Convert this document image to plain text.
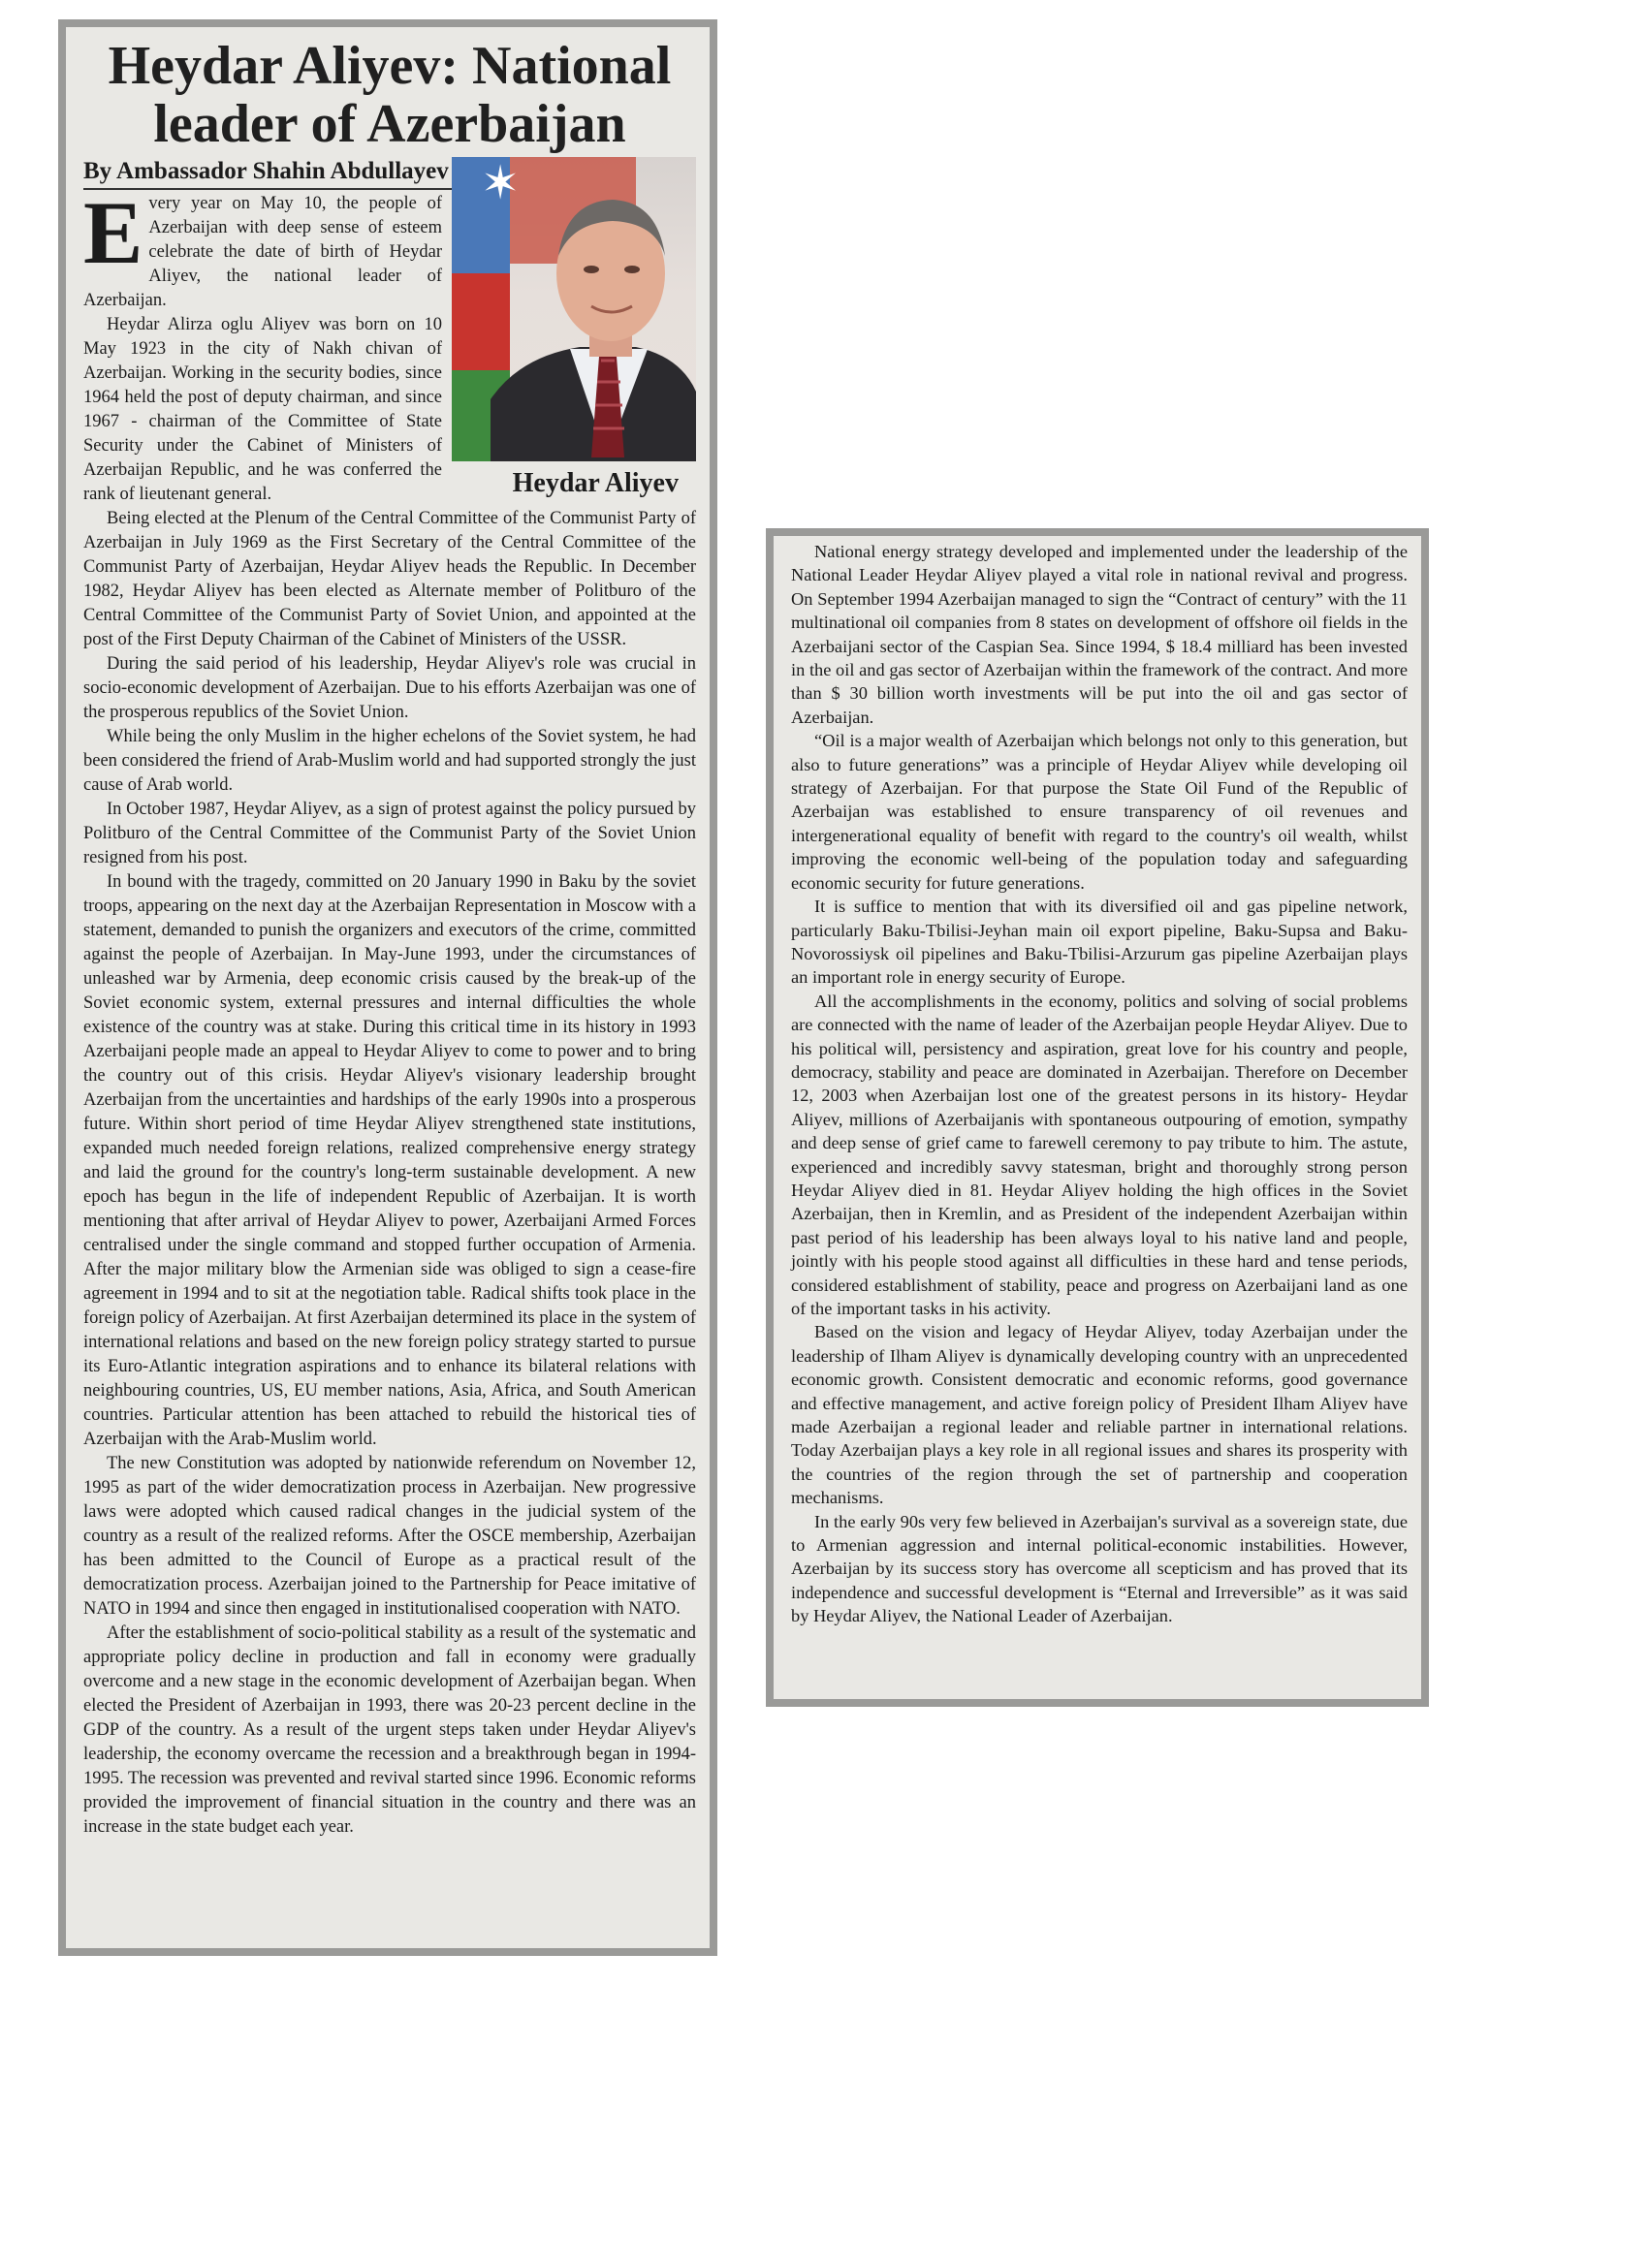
Heydar Aliyev: National leader of Azerbaijan
By Ambassador Shahin Abdullayev ✶
Heydar Aliyev

Every year on May 10, the people of Azerbaijan with deep sense of esteem celebrate the date of birth of Heydar Aliyev, the national leader of Azerbaijan.

Heydar Alirza oglu Aliyev was born on 10 May 1923 in the city of Nakh chivan of Azerbaijan. Working in the security bodies, since 1964 held the post of deputy chairman, and since 1967 - chairman of the Committee of State Security under the Cabinet of Ministers of Azerbaijan Republic, and he was conferred the rank of lieutenant general.

Being elected at the Plenum of the Central Committee of the Communist Party of Azerbaijan in July 1969 as the First Secretary of the Central Committee of the Communist Party of Azerbaijan, Heydar Aliyev heads the Republic. In December 1982, Heydar Aliyev has been elected as Alternate member of Politburo of the Central Committee of the Communist Party of Soviet Union, and appointed at the post of the First Deputy Chairman of the Cabinet of Ministers of the USSR.

During the said period of his leadership, Heydar Aliyev's role was crucial in socio-economic development of Azerbaijan. Due to his efforts Azerbaijan was one of the prosperous republics of the Soviet Union.

While being the only Muslim in the higher echelons of the Soviet system, he had been considered the friend of Arab-Muslim world and had supported strongly the just cause of Arab world.

In October 1987, Heydar Aliyev, as a sign of protest against the policy pursued by Politburo of the Central Committee of the Communist Party of the Soviet Union resigned from his post.

In bound with the tragedy, committed on 20 January 1990 in Baku by the soviet troops, appearing on the next day at the Azerbaijan Representation in Moscow with a statement, demanded to punish the organizers and executors of the crime, committed against the people of Azerbaijan. In May-June 1993, under the circumstances of unleashed war by Armenia, deep economic crisis caused by the break-up of the Soviet economic system, external pressures and internal difficulties the whole existence of the country was at stake. During this critical time in its history in 1993 Azerbaijani people made an appeal to Heydar Aliyev to come to power and to bring the country out of this crisis. Heydar Aliyev's visionary leadership brought Azerbaijan from the uncertainties and hardships of the early 1990s into a prosperous future. Within short period of time Heydar Aliyev strengthened state institutions, expanded much needed foreign relations, realized comprehensive energy strategy and laid the ground for the country's long-term sustainable development. A new epoch has begun in the life of independent Republic of Azerbaijan. It is worth mentioning that after arrival of Heydar Aliyev to power, Azerbaijani Armed Forces centralised under the single command and stopped further occupation of Armenia. After the major military blow the Armenian side was obliged to sign a cease-fire agreement in 1994 and to sit at the negotiation table. Radical shifts took place in the foreign policy of Azerbaijan. At first Azerbaijan determined its place in the system of international relations and based on the new foreign policy strategy started to pursue its Euro-Atlantic integration aspirations and to enhance its bilateral relations with neighbouring countries, US, EU member nations, Asia, Africa, and South American countries. Particular attention has been attached to rebuild the historical ties of Azerbaijan with the Arab-Muslim world.

The new Constitution was adopted by nationwide referendum on November 12, 1995 as part of the wider democratization process in Azerbaijan. New progressive laws were adopted which caused radical changes in the judicial system of the country as a result of the realized reforms. After the OSCE membership, Azerbaijan has been admitted to the Council of Europe as a practical result of the democratization process. Azerbaijan joined to the Partnership for Peace imitative of NATO in 1994 and since then engaged in institutionalised cooperation with NATO.

After the establishment of socio-political stability as a result of the systematic and appropriate policy decline in production and fall in economy were gradually overcome and a new stage in the economic development of Azerbaijan began. When elected the President of Azerbaijan in 1993, there was 20-23 percent decline in the GDP of the country. As a result of the urgent steps taken under Heydar Aliyev's leadership, the economy overcame the recession and a breakthrough began in 1994-1995. The recession was prevented and revival started since 1996. Economic reforms provided the improvement of financial situation in the country and there was an increase in the state budget each year.

National energy strategy developed and implemented under the leadership of the National Leader Heydar Aliyev played a vital role in national revival and progress. On September 1994 Azerbaijan managed to sign the “Contract of century” with the 11 multinational oil companies from 8 states on development of offshore oil fields in the Azerbaijani sector of the Caspian Sea. Since 1994, $ 18.4 milliard has been invested in the oil and gas sector of Azerbaijan within the framework of the contract. And more than $ 30 billion worth investments will be put into the oil and gas sector of Azerbaijan.

“Oil is a major wealth of Azerbaijan which belongs not only to this generation, but also to future generations” was a principle of Heydar Aliyev while developing oil strategy of Azerbaijan. For that purpose the State Oil Fund of the Republic of Azerbaijan was established to ensure transparency of oil revenues and intergenerational equality of benefit with regard to the country's oil wealth, whilst improving the economic well-being of the population today and safeguarding economic security for future generations.

It is suffice to mention that with its diversified oil and gas pipeline network, particularly Baku-Tbilisi-Jeyhan main oil export pipeline, Baku-Supsa and Baku-Novorossiysk oil pipelines and Baku-Tbilisi-Arzurum gas pipeline Azerbaijan plays an important role in energy security of Europe.

All the accomplishments in the economy, politics and solving of social problems are connected with the name of leader of the Azerbaijan people Heydar Aliyev. Due to his political will, persistency and aspiration, great love for his country and people, democracy, stability and peace are dominated in Azerbaijan. Therefore on December 12, 2003 when Azerbaijan lost one of the greatest persons in its history- Heydar Aliyev, millions of Azerbaijanis with spontaneous outpouring of emotion, sympathy and deep sense of grief came to farewell ceremony to pay tribute to him. The astute, experienced and incredibly savvy statesman, bright and thoroughly strong person Heydar Aliyev died in 81. Heydar Aliyev holding the high offices in the Soviet Azerbaijan, then in Kremlin, and as President of the independent Azerbaijan within past period of his leadership has been always loyal to his native land and people, jointly with his people stood against all difficulties in these hard and tense periods, considered establishment of stability, peace and progress on Azerbaijani land as one of the important tasks in his activity.

Based on the vision and legacy of Heydar Aliyev, today Azerbaijan under the leadership of Ilham Aliyev is dynamically developing country with an unprecedented economic growth. Consistent democratic and economic reforms, good governance and effective management, and active foreign policy of President Ilham Aliyev have made Azerbaijan a regional leader and reliable partner in international relations. Today Azerbaijan plays a key role in all regional issues and shares its prosperity with the countries of the region through the set of partnership and cooperation mechanisms.

In the early 90s very few believed in Azerbaijan's survival as a sovereign state, due to Armenian aggression and internal political-economic instabilities. However, Azerbaijan by its success story has overcome all scepticism and has proved that its independence and successful development is “Eternal and Irreversible” as it was said by Heydar Aliyev, the National Leader of Azerbaijan.
